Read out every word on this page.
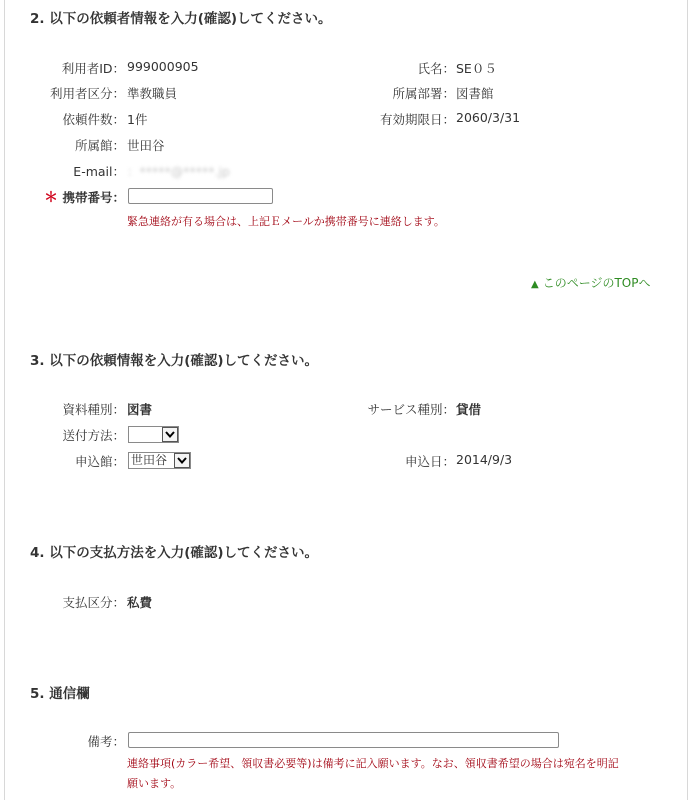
2. 以下の依頼者情報を入力(確認)してください。
利用者ID： 999000905	氏名： SE０５
利用者区分： 準教職員	所属部署： 図書館
依頼件数： 1件	有効期限日： 2060/3/31
所属館： 世田谷
E-mail： ：*****@*****.jp
＊ 携帯番号：
緊急連絡が有る場合は、上記Ｅメールか携帯番号に連絡します。
▲ このページのTOPへ
3. 以下の依頼情報を入力(確認)してください。
資料種別： 図書	サービス種別： 貸借
送付方法：
申込館： 世田谷	申込日： 2014/9/3
4. 以下の支払方法を入力(確認)してください。
支払区分： 私費
5. 通信欄
備考：
連絡事項(カラー希望、領収書必要等)は備考に記入願います。なお、領収書希望の場合は宛名を明記
願います。
